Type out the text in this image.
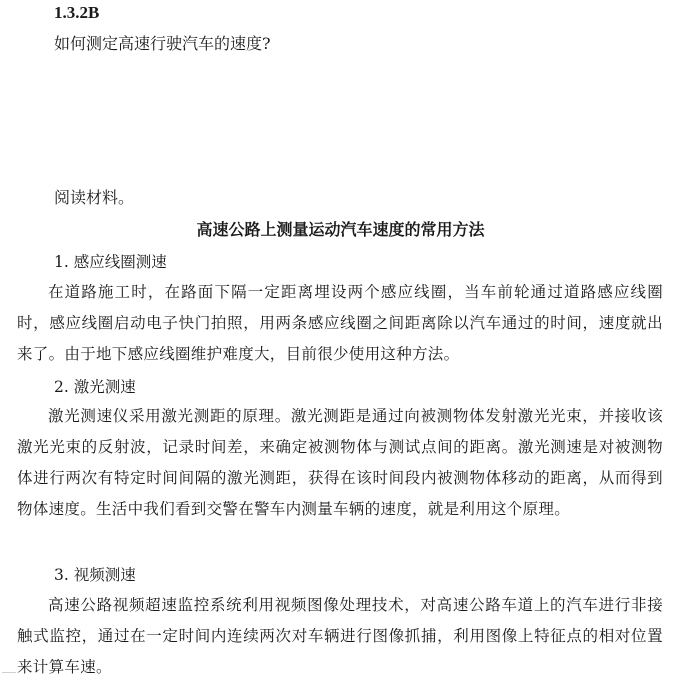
1.3.2B
如何测定高速行驶汽车的速度?
阅读材料。
高速公路上测量运动汽车速度的常用方法
1. 感应线圈测速
在道路施工时，在路面下隔一定距离埋设两个感应线圈，当车前轮通过道路感应线圈时，感应线圈启动电子快门拍照，用两条感应线圈之间距离除以汽车通过的时间，速度就出来了。由于地下感应线圈维护难度大，目前很少使用这种方法。
2. 激光测速
激光测速仪采用激光测距的原理。激光测距是通过向被测物体发射激光光束，并接收该激光光束的反射波，记录时间差，来确定被测物体与测试点间的距离。激光测速是对被测物体进行两次有特定时间间隔的激光测距，获得在该时间段内被测物体移动的距离，从而得到物体速度。生活中我们看到交警在警车内测量车辆的速度，就是利用这个原理。
3. 视频测速
高速公路视频超速监控系统利用视频图像处理技术，对高速公路车道上的汽车进行非接触式监控，通过在一定时间内连续两次对车辆进行图像抓捕，利用图像上特征点的相对位置来计算车速。
